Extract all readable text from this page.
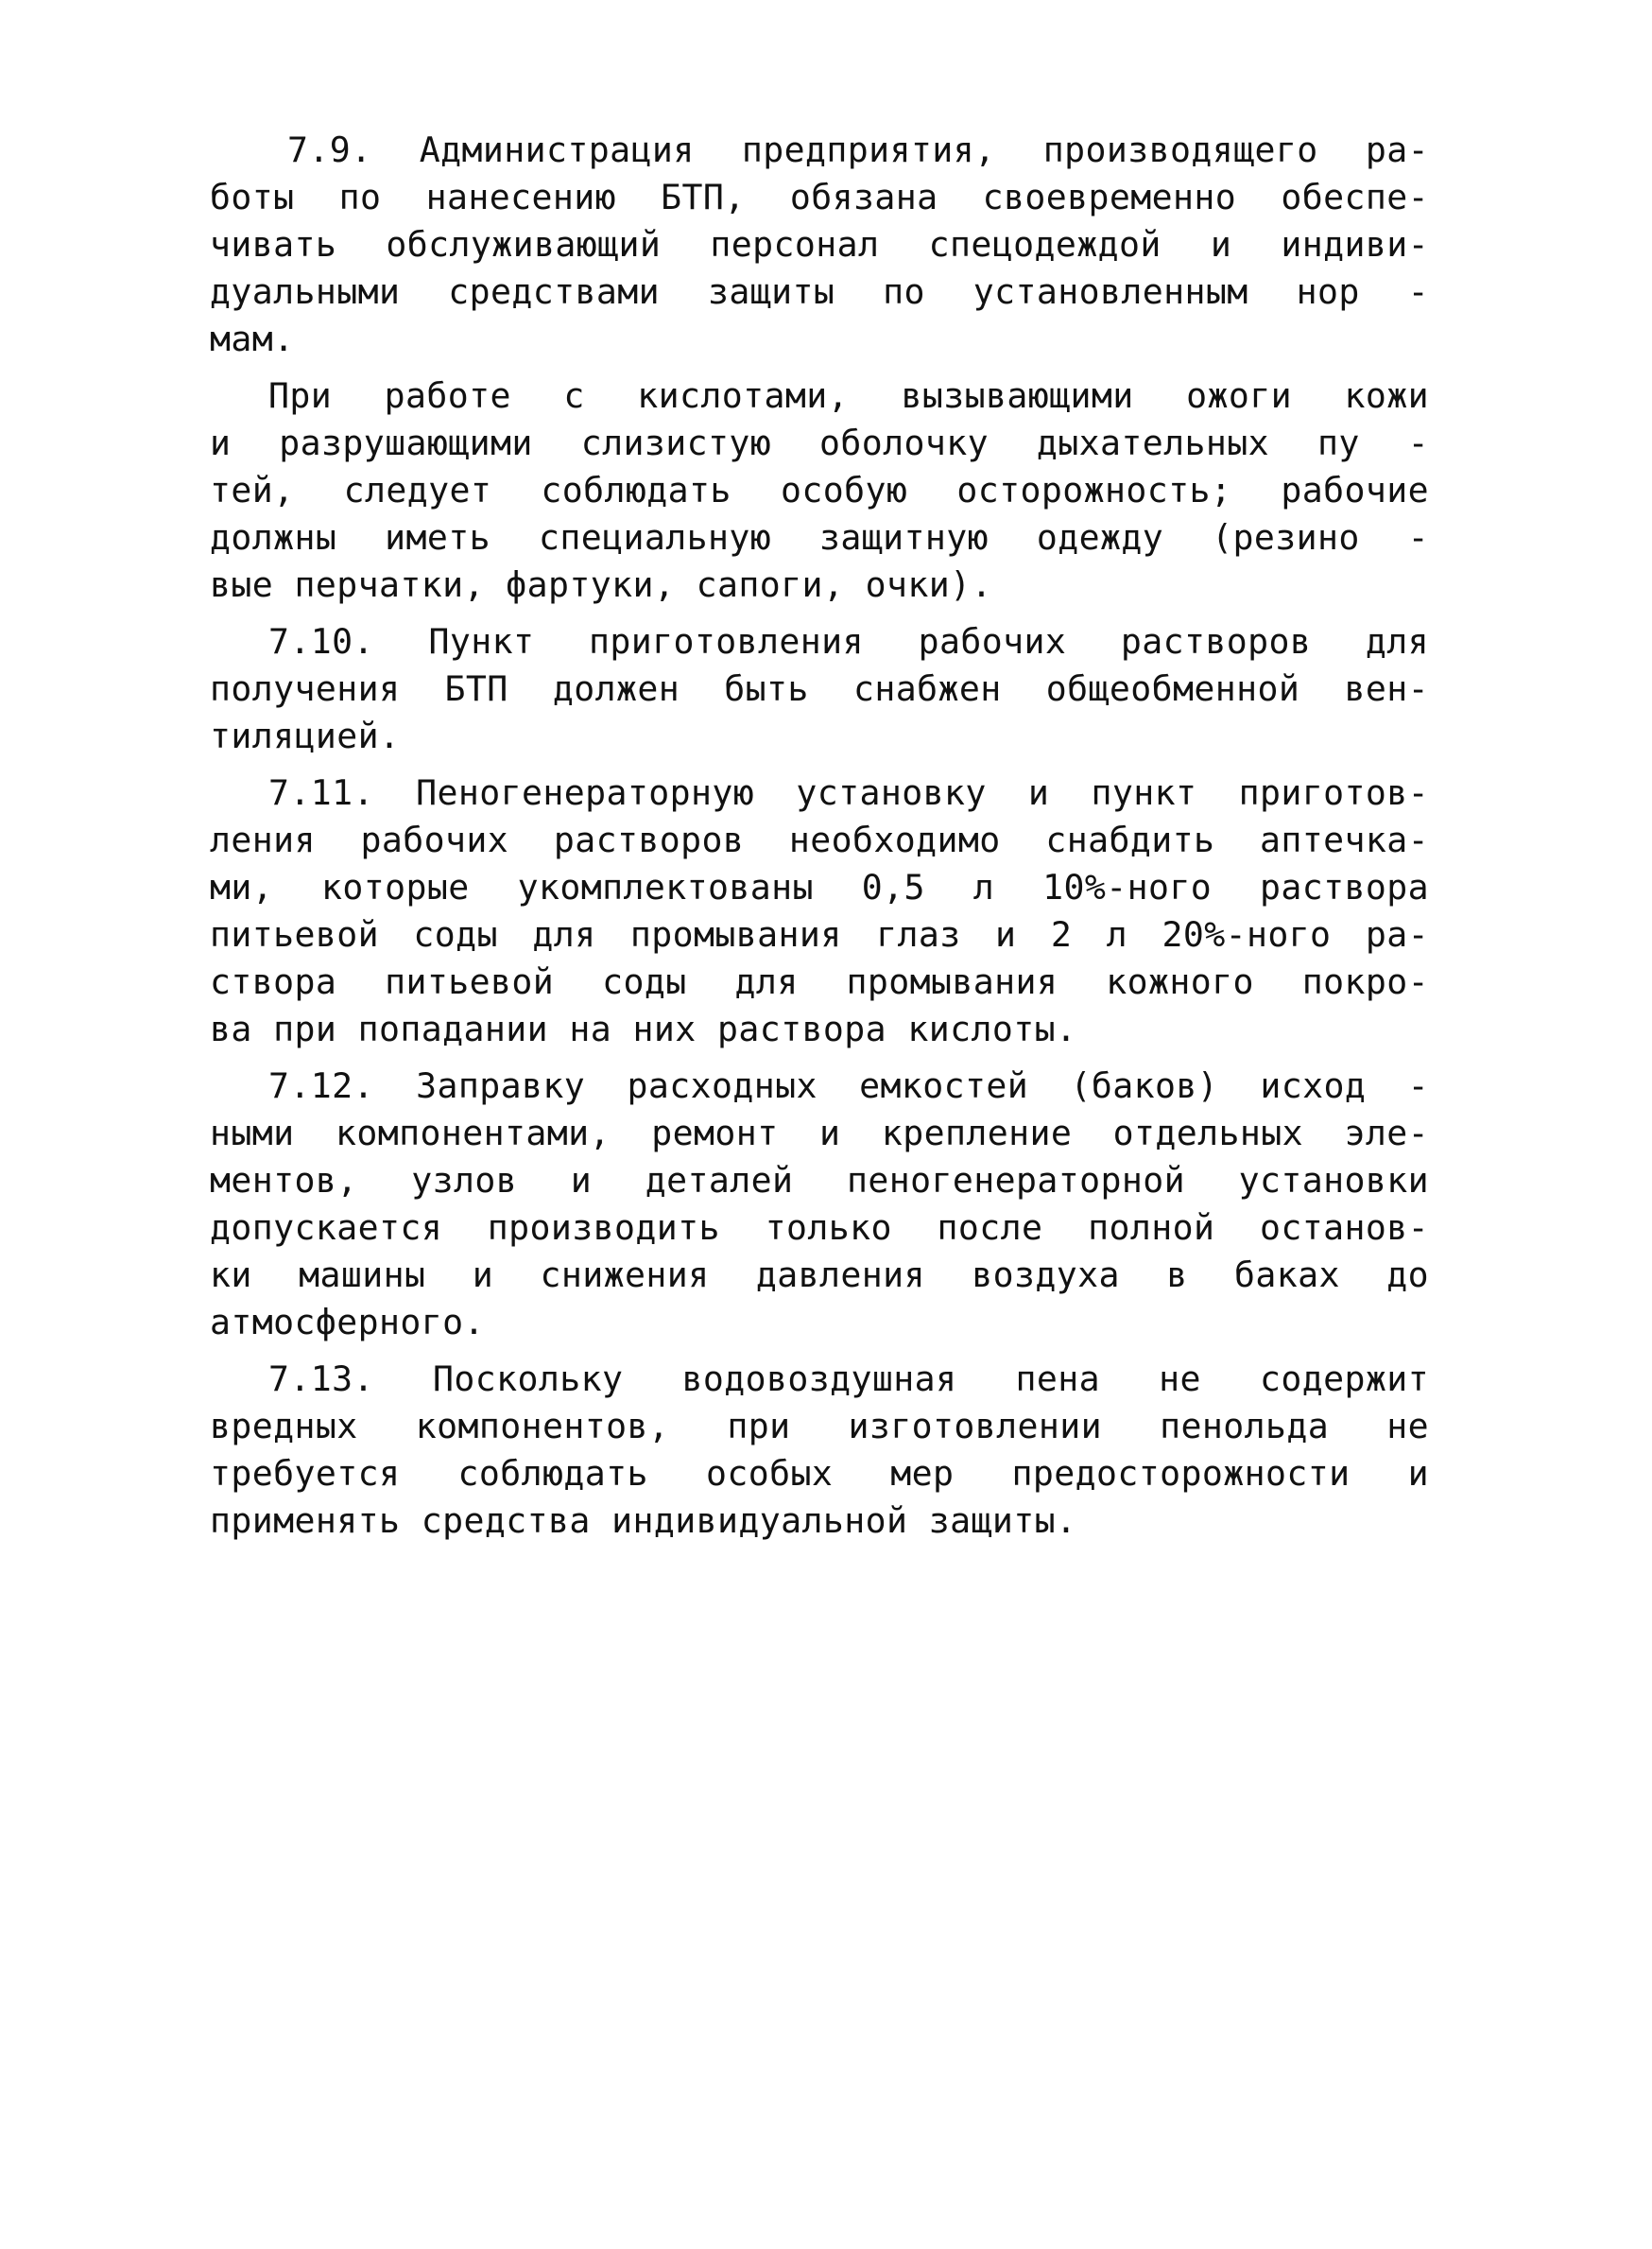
7.9. Администрация предприятия, производящего ра-
боты по нанесению БТП, обязана своевременно обеспе-
чивать обслуживающий персонал спецодеждой и индиви-
дуальными средствами защиты по установленным нор -
мам.
При работе с кислотами, вызывающими ожоги кожи
и разрушающими слизистую оболочку дыхательных пу -
тей, следует соблюдать особую осторожность; рабочие
должны иметь специальную защитную одежду (резино -
вые перчатки, фартуки, сапоги, очки).
7.10. Пункт приготовления рабочих растворов для
получения БТП должен быть снабжен общеобменной вен-
тиляцией.
7.11. Пеногенераторную установку и пункт приготов-
ления рабочих растворов необходимо снабдить аптечка-
ми, которые укомплектованы 0,5 л 10%-ного раствора
питьевой соды для промывания глаз и 2 л 20%-ного ра-
створа питьевой соды для промывания кожного покро-
ва при попадании на них раствора кислоты.
7.12. Заправку расходных емкостей (баков) исход -
ными компонентами, ремонт и крепление отдельных эле-
ментов, узлов и деталей пеногенераторной установки
допускается производить только после полной останов-
ки машины и снижения давления воздуха в баках до
атмосферного.
7.13. Поскольку водовоздушная пена не содержит
вредных компонентов, при изготовлении пенольда не
требуется соблюдать особых мер предосторожности и
применять средства индивидуальной защиты.
